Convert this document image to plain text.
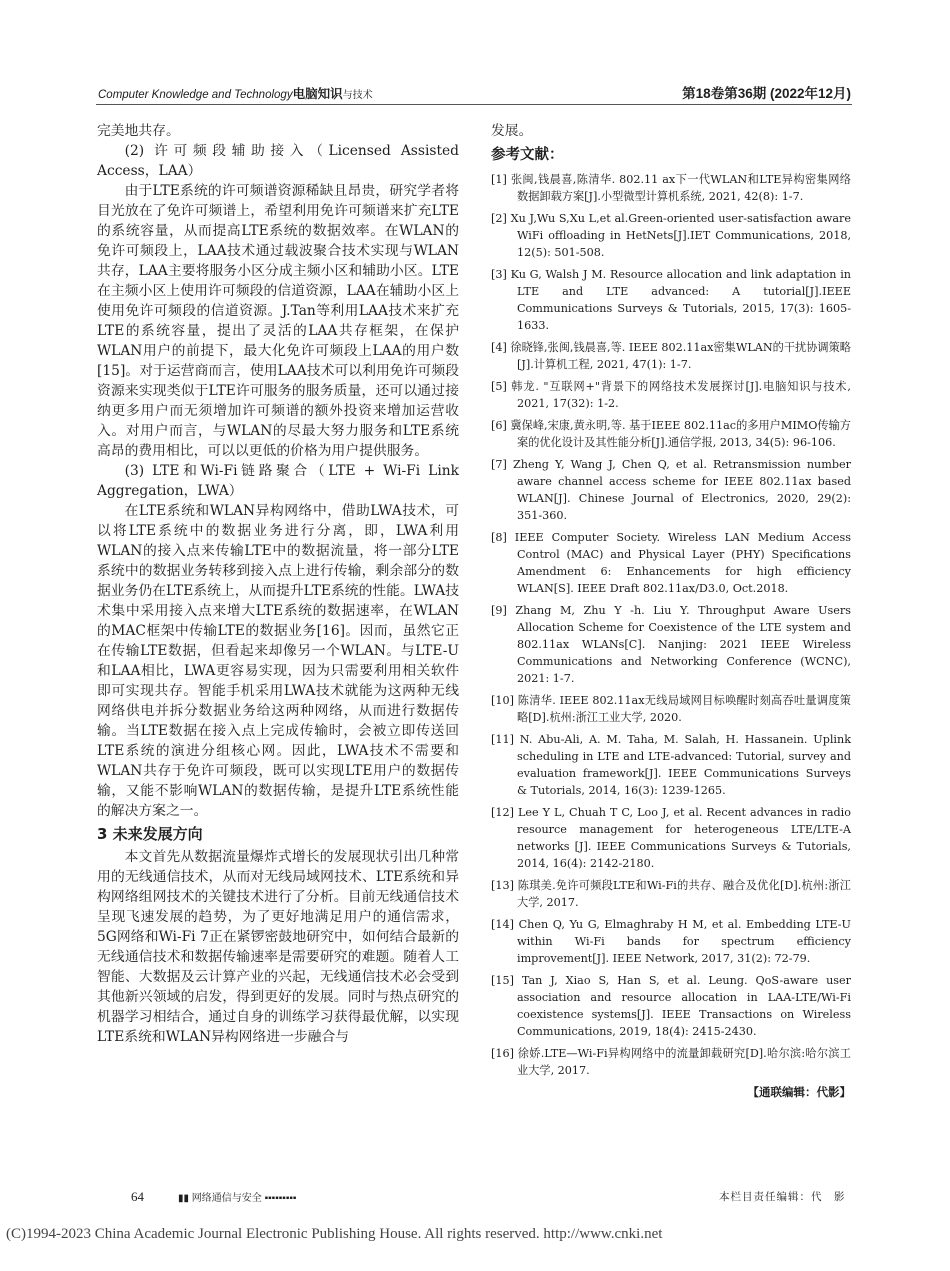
Computer Knowledge and Technology电脑知识与技术	第18卷第36期 (2022年12月)

完美地共存。

(2) 许可频段辅助接入（Licensed Assisted Access，LAA）

由于LTE系统的许可频谱资源稀缺且昂贵，研究学者将目光放在了免许可频谱上，希望利用免许可频谱来扩充LTE的系统容量，从而提高LTE系统的数据效率。在WLAN的免许可频段上，LAA技术通过载波聚合技术实现与WLAN共存，LAA主要将服务小区分成主频小区和辅助小区。LTE在主频小区上使用许可频段的信道资源，LAA在辅助小区上使用免许可频段的信道资源。J.Tan等利用LAA技术来扩充LTE的系统容量，提出了灵活的LAA共存框架，在保护WLAN用户的前提下，最大化免许可频段上LAA的用户数[15]。对于运营商而言，使用LAA技术可以利用免许可频段资源来实现类似于LTE许可服务的服务质量，还可以通过接纳更多用户而无须增加许可频谱的额外投资来增加运营收入。对用户而言，与WLAN的尽最大努力服务和LTE系统高昂的费用相比，可以以更低的价格为用户提供服务。

(3) LTE和Wi-Fi链路聚合（LTE + Wi-Fi Link Aggregation，LWA）

在LTE系统和WLAN异构网络中，借助LWA技术，可以将LTE系统中的数据业务进行分离，即，LWA利用WLAN的接入点来传输LTE中的数据流量，将一部分LTE系统中的数据业务转移到接入点上进行传输，剩余部分的数据业务仍在LTE系统上，从而提升LTE系统的性能。LWA技术集中采用接入点来增大LTE系统的数据速率，在WLAN的MAC框架中传输LTE的数据业务[16]。因而，虽然它正在传输LTE数据，但看起来却像另一个WLAN。与LTE-U和LAA相比，LWA更容易实现，因为只需要利用相关软件即可实现共存。智能手机采用LWA技术就能为这两种无线网络供电并拆分数据业务给这两种网络，从而进行数据传输。当LTE数据在接入点上完成传输时，会被立即传送回LTE系统的演进分组核心网。因此，LWA技术不需要和WLAN共存于免许可频段，既可以实现LTE用户的数据传输，又能不影响WLAN的数据传输，是提升LTE系统性能的解决方案之一。

3 未来发展方向

本文首先从数据流量爆炸式增长的发展现状引出几种常用的无线通信技术，从而对无线局域网技术、LTE系统和异构网络组网技术的关键技术进行了分析。目前无线通信技术呈现飞速发展的趋势，为了更好地满足用户的通信需求，5G网络和Wi-Fi 7正在紧锣密鼓地研究中，如何结合最新的无线通信技术和数据传输速率是需要研究的难题。随着人工智能、大数据及云计算产业的兴起，无线通信技术必会受到其他新兴领域的启发，得到更好的发展。同时与热点研究的机器学习相结合，通过自身的训练学习获得最优解，以实现LTE系统和WLAN异构网络进一步融合与

发展。

参考文献：

[1] 张闽,钱晨喜,陈清华. 802.11 ax下一代WLAN和LTE异构密集网络数据卸载方案[J].小型微型计算机系统, 2021, 42(8): 1-7.

[2] Xu J,Wu S,Xu L,et al.Green-oriented user-satisfaction aware WiFi offloading in HetNets[J].IET Communications, 2018, 12(5): 501-508.

[3] Ku G, Walsh J M. Resource allocation and link adaptation in LTE and LTE advanced: A tutorial[J].IEEE Communications Surveys & Tutorials, 2015, 17(3): 1605-1633.

[4] 徐晓锋,张闽,钱晨喜,等. IEEE 802.11ax密集WLAN的干扰协调策略[J].计算机工程, 2021, 47(1): 1-7.

[5] 韩龙. "互联网+"背景下的网络技术发展探讨[J].电脑知识与技术, 2021, 17(32): 1-2.

[6] 冀保峰,宋康,黄永明,等. 基于IEEE 802.11ac的多用户MIMO传输方案的优化设计及其性能分析[J].通信学报, 2013, 34(5): 96-106.

[7] Zheng Y, Wang J, Chen Q, et al. Retransmission number aware channel access scheme for IEEE 802.11ax based WLAN[J]. Chinese Journal of Electronics, 2020, 29(2): 351-360.

[8] IEEE Computer Society. Wireless LAN Medium Access Control (MAC) and Physical Layer (PHY) Specifications Amendment 6: Enhancements for high efficiency WLAN[S]. IEEE Draft 802.11ax/D3.0, Oct.2018.

[9] Zhang M, Zhu Y -h. Liu Y. Throughput Aware Users Allocation Scheme for Coexistence of the LTE system and 802.11ax WLANs[C]. Nanjing: 2021 IEEE Wireless Communications and Networking Conference (WCNC), 2021: 1-7.

[10] 陈清华. IEEE 802.11ax无线局域网目标唤醒时刻高吞吐量调度策略[D].杭州:浙江工业大学, 2020.

[11] N. Abu-Ali, A. M. Taha, M. Salah, H. Hassanein. Uplink scheduling in LTE and LTE-advanced: Tutorial, survey and evaluation framework[J]. IEEE Communications Surveys & Tutorials, 2014, 16(3): 1239-1265.

[12] Lee Y L, Chuah T C, Loo J, et al. Recent advances in radio resource management for heterogeneous LTE/LTE-A networks [J]. IEEE Communications Surveys & Tutorials, 2014, 16(4): 2142-2180.

[13] 陈琪美.免许可频段LTE和Wi-Fi的共存、融合及优化[D].杭州:浙江大学, 2017.

[14] Chen Q, Yu G, Elmaghraby H M, et al. Embedding LTE-U within Wi-Fi bands for spectrum efficiency improvement[J]. IEEE Network, 2017, 31(2): 72-79.

[15] Tan J, Xiao S, Han S, et al. Leung. QoS-aware user association and resource allocation in LAA-LTE/Wi-Fi coexistence systems[J]. IEEE Transactions on Wireless Communications, 2019, 18(4): 2415-2430.

[16] 徐娇.LTE—Wi-Fi异构网络中的流量卸载研究[D].哈尔滨:哈尔滨工业大学, 2017.

【通联编辑：代影】
64	▮▮ 网络通信与安全 ▪▪▪▪▪▪▪▪▪	本栏目责任编辑：代　影
(C)1994-2023 China Academic Journal Electronic Publishing House. All rights reserved. http://www.cnki.net
